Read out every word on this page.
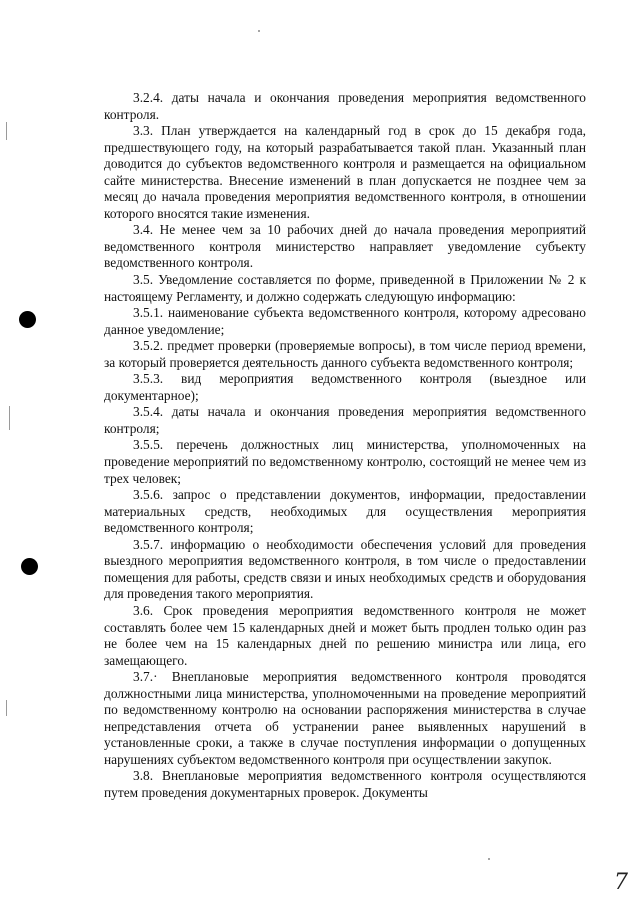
3.2.4. даты начала и окончания проведения мероприятия ведомственного контроля.

3.3. План утверждается на календарный год в срок до 15 декабря года, предшествующего году, на который разрабатывается такой план. Указанный план доводится до субъектов ведомственного контроля и размещается на официальном сайте министерства. Внесение изменений в план допускается не позднее чем за месяц до начала проведения мероприятия ведомственного контроля, в отношении которого вносятся такие изменения.

3.4. Не менее чем за 10 рабочих дней до начала проведения мероприятий ведомственного контроля министерство направляет уведомление субъекту ведомственного контроля.

3.5. Уведомление составляется по форме, приведенной в Приложении № 2 к настоящему Регламенту, и должно содержать следующую информацию:

3.5.1. наименование субъекта ведомственного контроля, которому адресовано данное уведомление;

3.5.2. предмет проверки (проверяемые вопросы), в том числе период времени, за который проверяется деятельность данного субъекта ведомственного контроля;

3.5.3. вид мероприятия ведомственного контроля (выездное или документарное);

3.5.4. даты начала и окончания проведения мероприятия ведомственного контроля;

3.5.5. перечень должностных лиц министерства, уполномоченных на проведение мероприятий по ведомственному контролю, состоящий не менее чем из трех человек;

3.5.6. запрос о представлении документов, информации, предоставлении материальных средств, необходимых для осуществления мероприятия ведомственного контроля;

3.5.7. информацию о необходимости обеспечения условий для проведения выездного мероприятия ведомственного контроля, в том числе о предоставлении помещения для работы, средств связи и иных необходимых средств и оборудования для проведения такого мероприятия.

3.6. Срок проведения мероприятия ведомственного контроля не может составлять более чем 15 календарных дней и может быть продлен только один раз не более чем на 15 календарных дней по решению министра или лица, его замещающего.

3.7.· Внеплановые мероприятия ведомственного контроля проводятся должностными лица министерства, уполномоченными на проведение мероприятий по ведомственному контролю на основании распоряжения министерства в случае непредставления отчета об устранении ранее выявленных нарушений в установленные сроки, а также в случае поступления информации о допущенных нарушениях субъектом ведомственного контроля при осуществлении закупок.

3.8. Внеплановые мероприятия ведомственного контроля осуществляются путем проведения документарных проверок. Документы

7
